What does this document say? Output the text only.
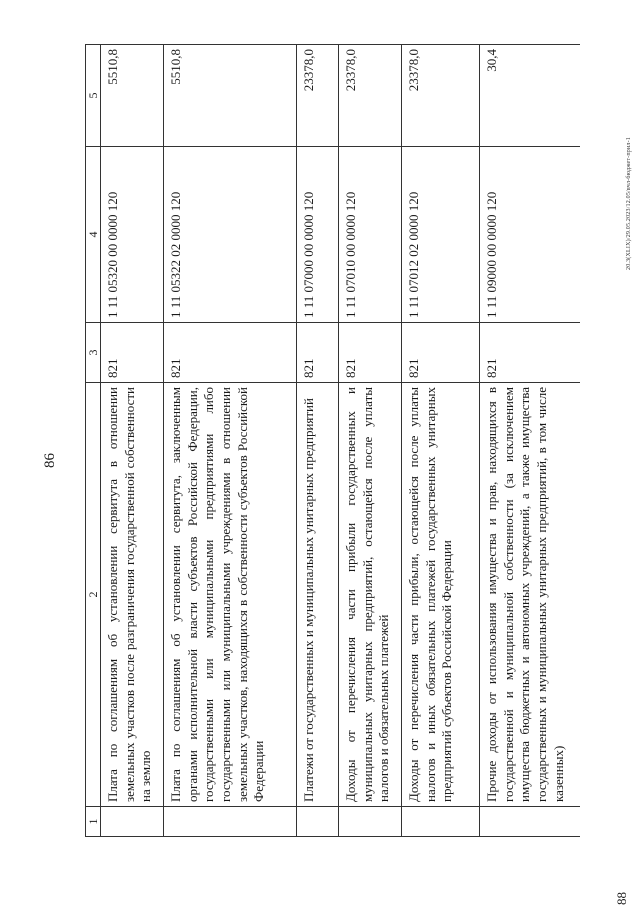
86
1	2	3	4	5
	Плата по соглашениям об установлении сервитута в отношении земельных участков после разграничения государственной собственности на землю	821	1 11 05320 00 0000 120	5510,8
	Плата по соглашениям об установлении сервитута, заключенным органами исполнительной власти субъектов Российской Федерации, государственными или муниципальными предприятиями либо государственными или муниципальными учреждениями в отношении земельных участков, находящихся в собственности субъектов Российской Федерации	821	1 11 05322 02 0000 120	5510,8
	Платежи от государственных и муниципальных унитарных предприятий	821	1 11 07000 00 0000 120	23378,0
	Доходы от перечисления части прибыли государственных и муниципальных унитарных предприятий, остающейся после уплаты налогов и обязательных платежей	821	1 11 07010 00 0000 120	23378,0
	Доходы от перечисления части прибыли, остающейся после уплаты налогов и иных обязательных платежей государственных унитарных предприятий субъектов Российской Федерации	821	1 11 07012 02 0000 120	23378,0
	Прочие доходы от использования имущества и прав, находящихся в государственной и муниципальной собственности (за исключением имущества бюджетных и автономных учреждений, а также имущества государственных и муниципальных унитарных предприятий, в том числе казенных)	821	1 11 09000 00 0000 120	30,4
88
20.3(XLIX)/29.05.2023/12.05/вчл-бюджет-прил-1
